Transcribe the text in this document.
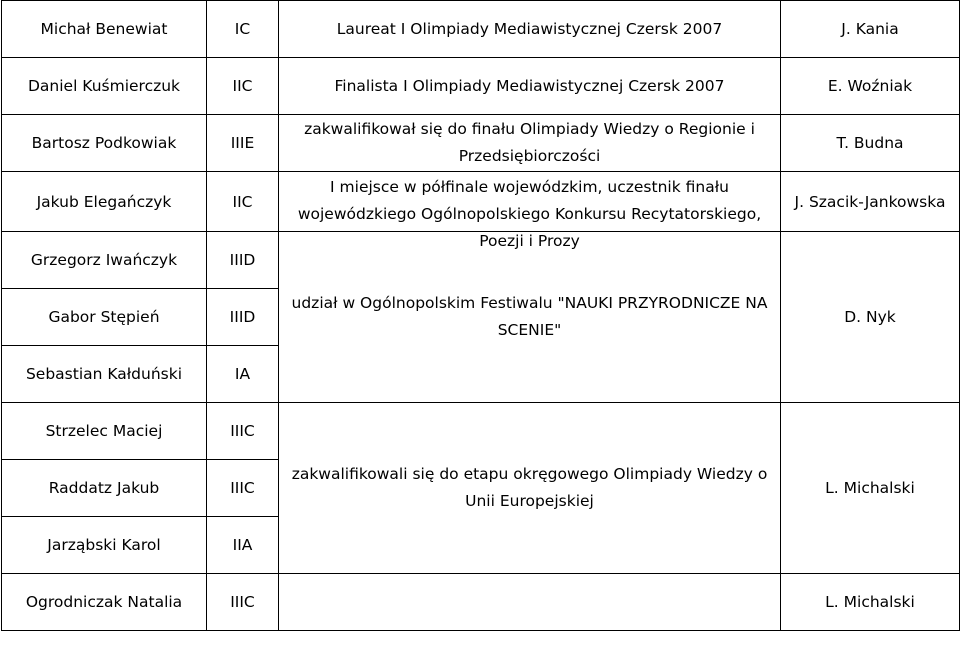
Michał Benewiat	IC	Laureat I Olimpiady Mediawistycznej Czersk 2007	J. Kania
Daniel Kuśmierczuk	IIC	Finalista I Olimpiady Mediawistycznej Czersk 2007	E. Woźniak
Bartosz Podkowiak	IIIE	zakwalifikował się do finału Olimpiady Wiedzy o Regionie i Przedsiębiorczości	T. Budna
Jakub Elegańczyk	IIC	I miejsce w półfinale wojewódzkim, uczestnik finału wojewódzkiego Ogólnopolskiego Konkursu Recytatorskiego, Poezji i Prozy	J. Szacik-Jankowska
Grzegorz Iwańczyk	IIID	udział w Ogólnopolskim Festiwalu "NAUKI PRZYRODNICZE NA SCENIE"	D. Nyk
Gabor Stępień	IIID		
Sebastian Kałduński	IA		
Strzelec Maciej	IIIC	zakwalifikowali się do etapu okręgowego Olimpiady Wiedzy o Unii Europejskiej	L. Michalski
Raddatz Jakub	IIIC		
Jarząbski Karol	IIA		
Ogrodniczak Natalia	IIIC		L. Michalski
